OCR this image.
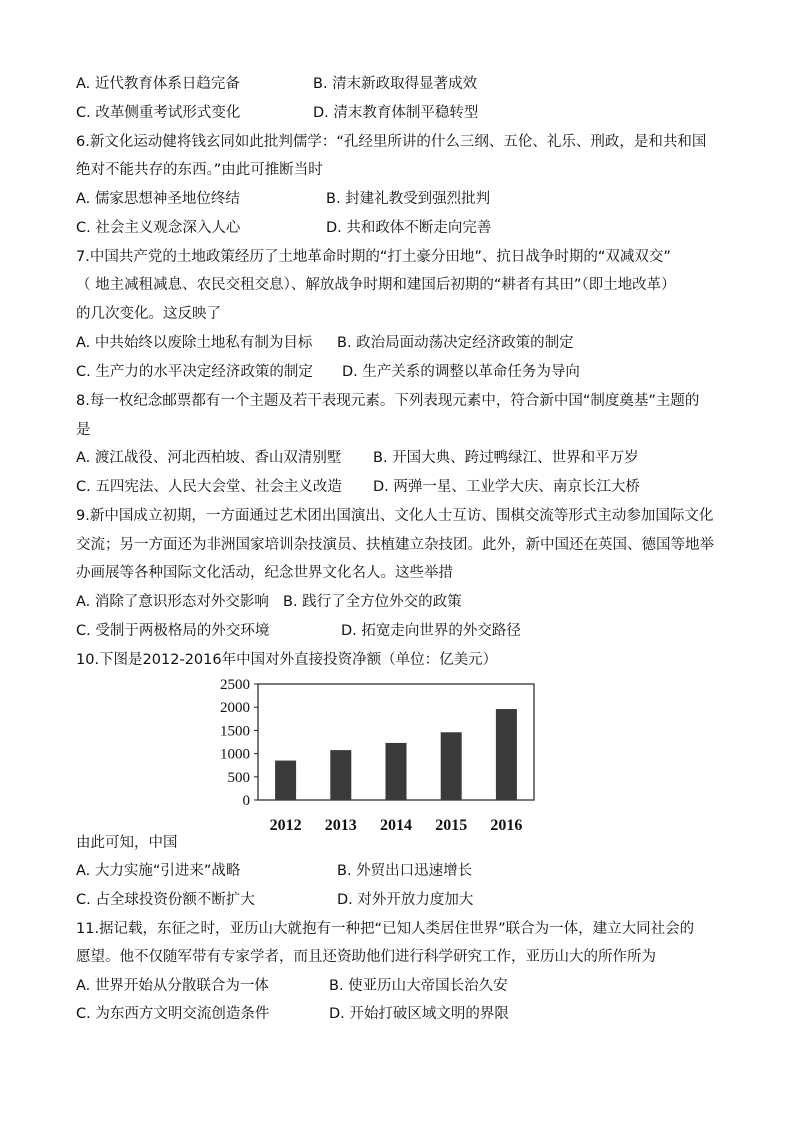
A. 近代教育体系日趋完备	B. 清末新政取得显著成效
C. 改革侧重考试形式变化	D. 清末教育体制平稳转型
6.新文化运动健将钱玄同如此批判儒学：“孔经里所讲的什么三纲、五伦、礼乐、刑政，是和共和国
绝对不能共存的东西。”由此可推断当时
A. 儒家思想神圣地位终结	B. 封建礼教受到强烈批判
C. 社会主义观念深入人心	D. 共和政体不断走向完善
7.中国共产党的土地政策经历了土地革命时期的“打土豪分田地”、抗日战争时期的“双减双交”
（ 地主减租减息、农民交租交息）、解放战争时期和建国后初期的“耕者有其田”（即土地改革）
的几次变化。这反映了
A. 中共始终以废除土地私有制为目标 B. 政治局面动荡决定经济政策的制定
C. 生产力的水平决定经济政策的制定 D. 生产关系的调整以革命任务为导向
8.每一枚纪念邮票都有一个主题及若干表现元素。下列表现元素中，符合新中国“制度奠基”主题的
是
A. 渡江战役、河北西柏坡、香山双清别墅 B. 开国大典、跨过鸭绿江、世界和平万岁
C. 五四宪法、人民大会堂、社会主义改造 D. 两弹一星、工业学大庆、南京长江大桥
9.新中国成立初期，一方面通过艺术团出国演出、文化人士互访、围棋交流等形式主动参加国际文化
交流；另一方面还为非洲国家培训杂技演员、扶植建立杂技团。此外，新中国还在英国、德国等地举
办画展等各种国际文化活动，纪念世界文化名人。这些举措
A. 消除了意识形态对外交影响 B. 践行了全方位外交的政策
C. 受制于两极格局的外交环境	D. 拓宽走向世界的外交路径
10.下图是2012-2016年中国对外直接投资净额（单位：亿美元）
0
500
1000
1500
2000
2500
2012 2013 2014 2015 2016
由此可知，中国
A. 大力实施“引进来”战略	B. 外贸出口迅速增长
C. 占全球投资份额不断扩大	D. 对外开放力度加大
11.据记载，东征之时，亚历山大就抱有一种把“已知人类居住世界”联合为一体，建立大同社会的
愿望。他不仅随军带有专家学者，而且还资助他们进行科学研究工作，亚历山大的所作所为
A. 世界开始从分散联合为一体	B. 使亚历山大帝国长治久安
C. 为东西方文明交流创造条件	D. 开始打破区域文明的界限
